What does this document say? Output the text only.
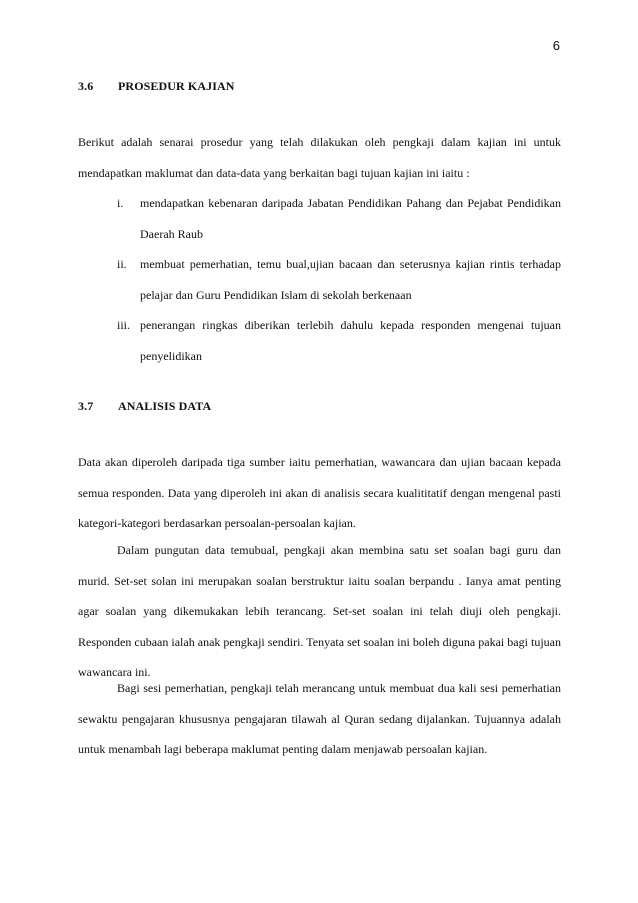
6
3.6 PROSEDUR KAJIAN

Berikut adalah senarai prosedur yang telah dilakukan oleh pengkaji dalam kajian ini untuk mendapatkan maklumat dan data-data yang berkaitan bagi tujuan kajian ini iaitu :

i. mendapatkan kebenaran daripada Jabatan Pendidikan Pahang dan Pejabat Pendidikan Daerah Raub
ii. membuat pemerhatian, temu bual,ujian bacaan dan seterusnya kajian rintis terhadap pelajar dan Guru Pendidikan Islam di sekolah berkenaan
iii. penerangan ringkas diberikan terlebih dahulu kepada responden mengenai tujuan penyelidikan
3.7 ANALISIS DATA

Data akan diperoleh daripada tiga sumber iaitu pemerhatian, wawancara dan ujian bacaan kepada semua responden. Data yang diperoleh ini akan di analisis secara kualititatif dengan mengenal pasti kategori-kategori berdasarkan persoalan-persoalan kajian.

Dalam pungutan data temubual, pengkaji akan membina satu set soalan bagi guru dan murid. Set-set solan ini merupakan soalan berstruktur iaitu soalan berpandu . Ianya amat penting agar soalan yang dikemukakan lebih terancang. Set-set soalan ini telah diuji oleh pengkaji. Responden cubaan ialah anak pengkaji sendiri. Tenyata set soalan ini boleh diguna pakai bagi tujuan wawancara ini.

Bagi sesi pemerhatian, pengkaji telah merancang untuk membuat dua kali sesi pemerhatian sewaktu pengajaran khususnya pengajaran tilawah al Quran sedang dijalankan. Tujuannya adalah untuk menambah lagi beberapa maklumat penting dalam menjawab persoalan kajian.
